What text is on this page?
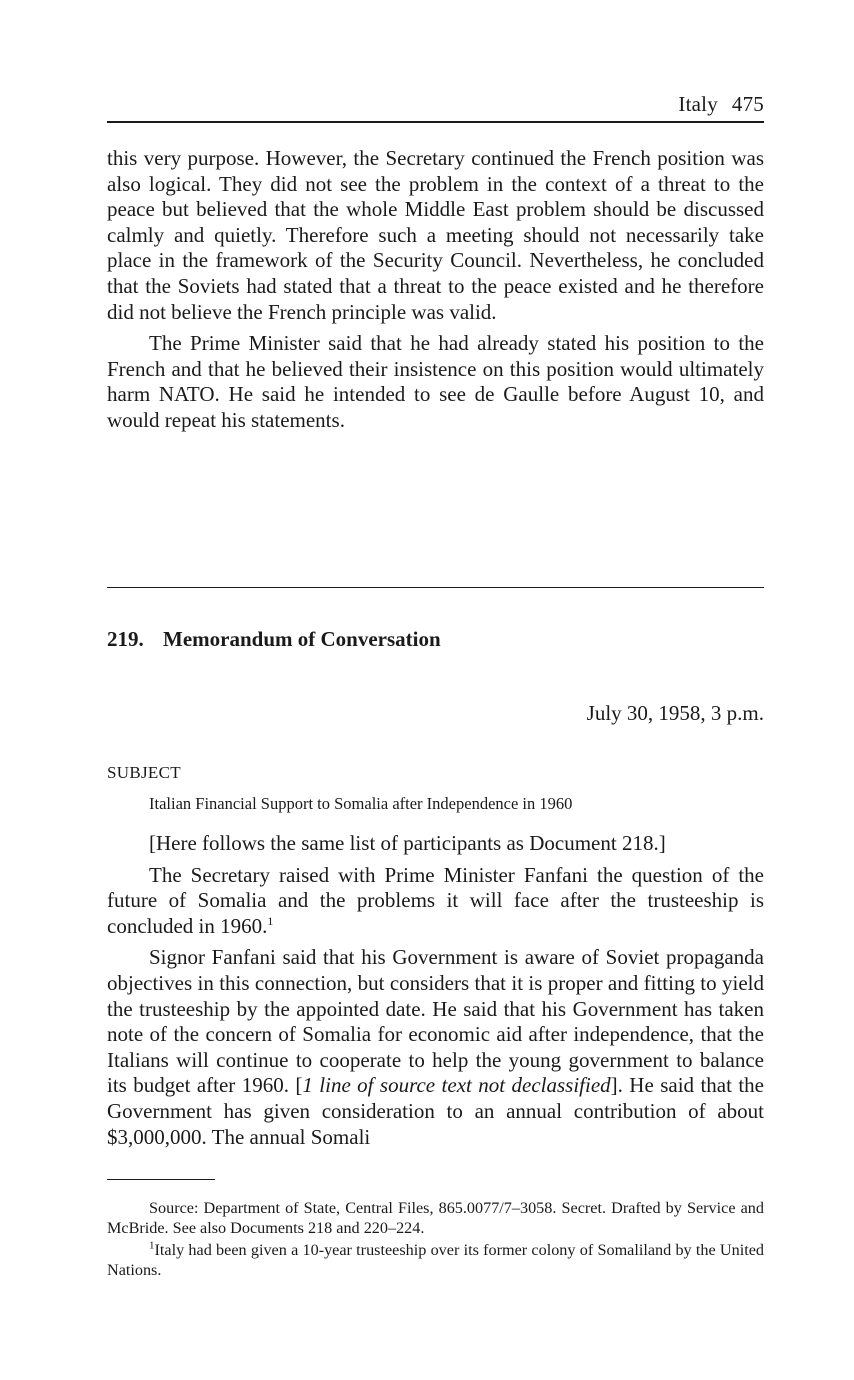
Italy 475

this very purpose. However, the Secretary continued the French position was also logical. They did not see the problem in the context of a threat to the peace but believed that the whole Middle East problem should be discussed calmly and quietly. Therefore such a meeting should not necessarily take place in the framework of the Security Council. Nevertheless, he concluded that the Soviets had stated that a threat to the peace existed and he therefore did not believe the French principle was valid.

The Prime Minister said that he had already stated his position to the French and that he believed their insistence on this position would ultimately harm NATO. He said he intended to see de Gaulle before August 10, and would repeat his statements.

219. Memorandum of Conversation
July 30, 1958, 3 p.m.
SUBJECT
Italian Financial Support to Somalia after Independence in 1960

[Here follows the same list of participants as Document 218.]

The Secretary raised with Prime Minister Fanfani the question of the future of Somalia and the problems it will face after the trusteeship is concluded in 1960.$^1$

Signor Fanfani said that his Government is aware of Soviet propaganda objectives in this connection, but considers that it is proper and fitting to yield the trusteeship by the appointed date. He said that his Government has taken note of the concern of Somalia for economic aid after independence, that the Italians will continue to cooperate to help the young government to balance its budget after 1960. [1 line of source text not declassified]. He said that the Government has given consideration to an annual contribution of about $3,000,000. The annual Somali

Source: Department of State, Central Files, 865.0077/7–3058. Secret. Drafted by Service and McBride. See also Documents 218 and 220–224.

$^1$Italy had been given a 10-year trusteeship over its former colony of Somaliland by the United Nations.
